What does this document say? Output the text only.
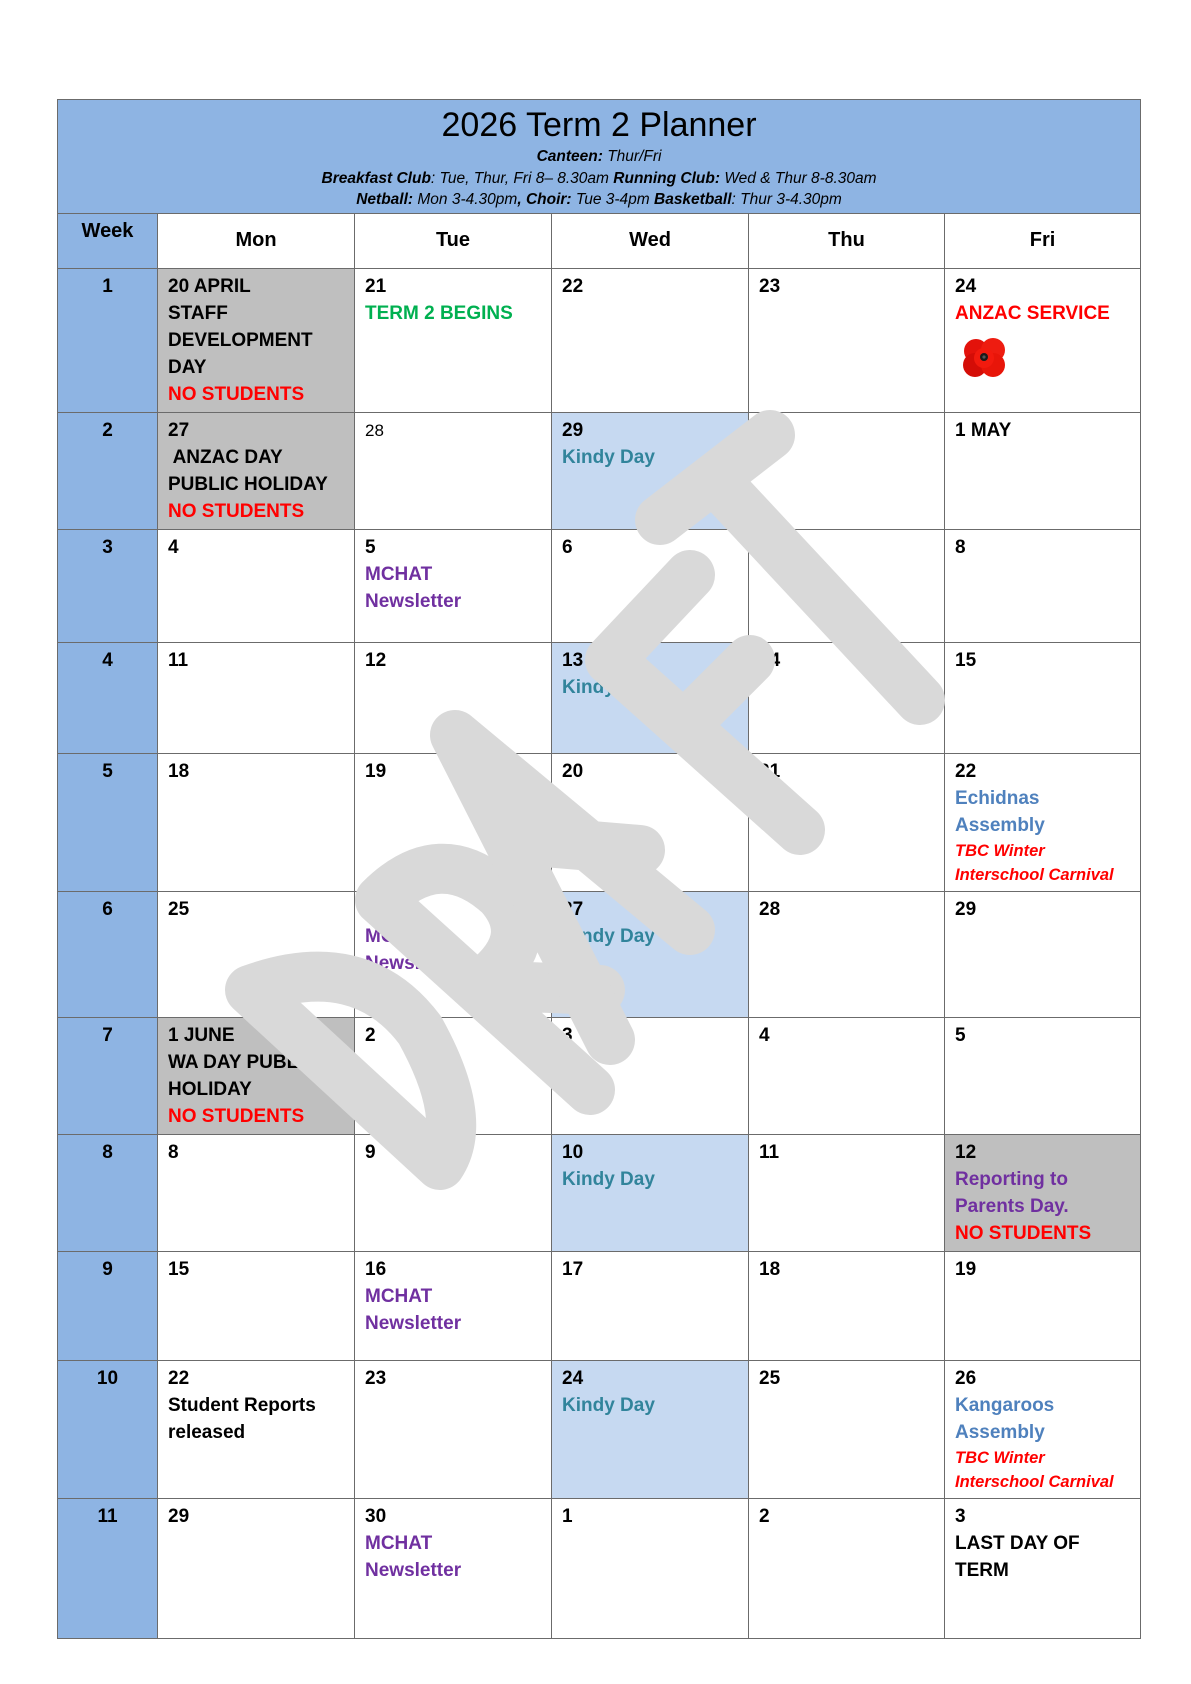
2026 Term 2 Planner
Canteen: Thur/Fri
Breakfast Club: Tue, Thur, Fri 8– 8.30am Running Club: Wed & Thur 8-8.30am
Netball: Mon 3-4.30pm, Choir: Tue 3-4pm Basketball: Thur 3-4.30pm					

Week	Mon	Tue	Wed	Thu	Fri
1	20 APRIL
STAFF
DEVELOPMENT
DAY
NO STUDENTS	21
TERM 2 BEGINS	22	23	24
ANZAC SERVICE

2	27
ANZAC DAY
PUBLIC HOLIDAY
NO STUDENTS	28	29
Kindy Day	30	1 MAY

3	4	5
MCHAT
Newsletter	6	7	8

4	11	12	13
Kindy Day	14	15

5	18	19	20	21	22
Echidnas Assembly
TBC Winter
Interschool Carnival

6	25	26
MCHAT
Newsletter	27
Kindy Day	28	29

7	1 JUNE
WA DAY PUBLIC
HOLIDAY
NO STUDENTS	2	3	4	5

8	8	9	10
Kindy Day	11	12
Reporting to
Parents Day.
NO STUDENTS

9	15	16
MCHAT
Newsletter	17	18	19

10	22
Student Reports
released	23	24
Kindy Day	25	26
Kangaroos
Assembly
TBC Winter
Interschool Carnival

11	29	30
MCHAT
Newsletter	1	2	3
LAST DAY OF
TERM
